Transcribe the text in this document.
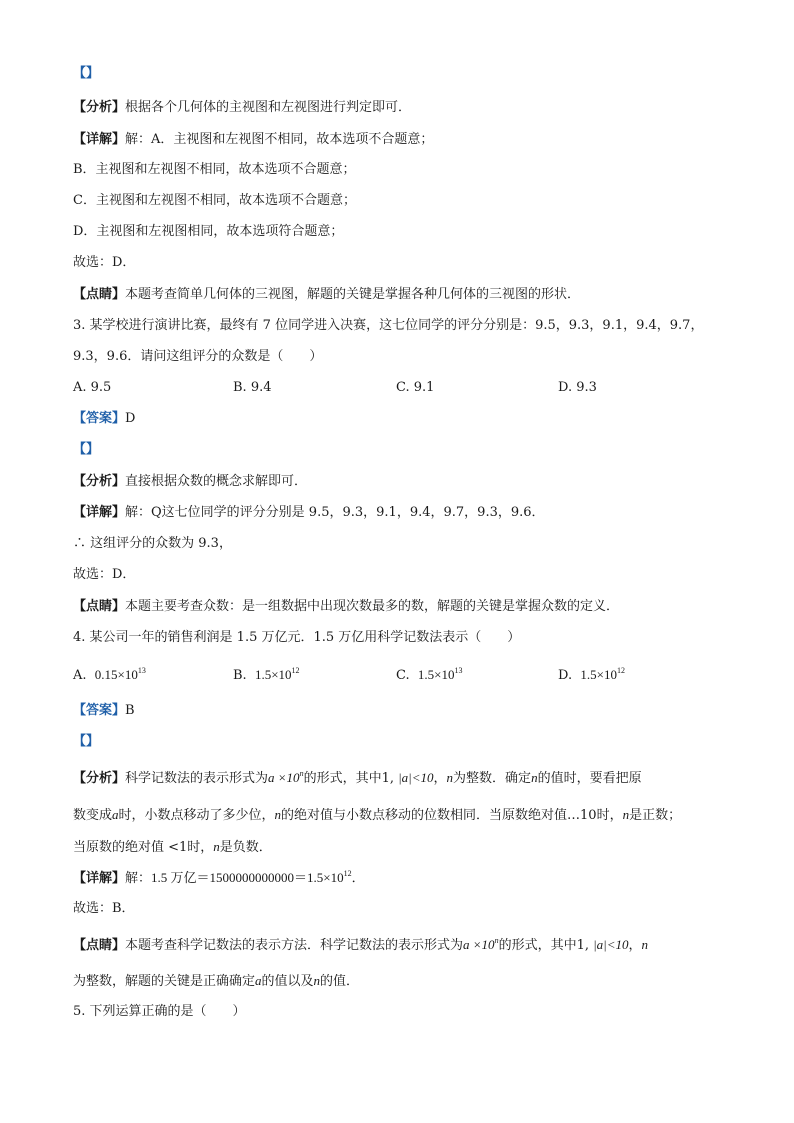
【】
【分析】根据各个几何体的主视图和左视图进行判定即可．
【详解】解：A．主视图和左视图不相同，故本选项不合题意；
B．主视图和左视图不相同，故本选项不合题意；
C．主视图和左视图不相同，故本选项不合题意；
D．主视图和左视图相同，故本选项符合题意；
故选：D．
【点睛】本题考查简单几何体的三视图，解题的关键是掌握各种几何体的三视图的形状．
3. 某学校进行演讲比赛，最终有 7 位同学进入决赛，这七位同学的评分分别是：9.5，9.3，9.1，9.4，9.7，
9.3，9.6．请问这组评分的众数是（　　）
A. 9.5	B. 9.4	C. 9.1	D. 9.3
【答案】D
【】
【分析】直接根据众数的概念求解即可．
【详解】解：Q这七位同学的评分分别是 9.5，9.3，9.1，9.4，9.7，9.3，9.6．
∴ 这组评分的众数为 9.3，
故选：D．
【点睛】本题主要考查众数：是一组数据中出现次数最多的数，解题的关键是掌握众数的定义．
4. 某公司一年的销售利润是 1.5 万亿元．1.5 万亿用科学记数法表示（　　）
A. $0.15\times 10^{13}$	B. $1.5\times 10^{12}$	C. $1.5\times 10^{13}$	D. $1.5\times 10^{12}$
【答案】B
【】
【分析】科学记数法的表示形式为$a \times 10^n$的形式，其中1, |a|<10，n为整数．确定n的值时，要看把原
数变成a时，小数点移动了多少位，n的绝对值与小数点移动的位数相同．当原数绝对值…10时，n是正数；
当原数的绝对值 <1时，n是负数．
【详解】解：1.5 万亿$=1500000000000=1.5\times 10^{12}$．
故选：B．
【点睛】本题考查科学记数法的表示方法．科学记数法的表示形式为$a \times 10^n$的形式，其中1, |a|<10，n
为整数，解题的关键是正确确定a的值以及n的值．
5. 下列运算正确的是（　　）
